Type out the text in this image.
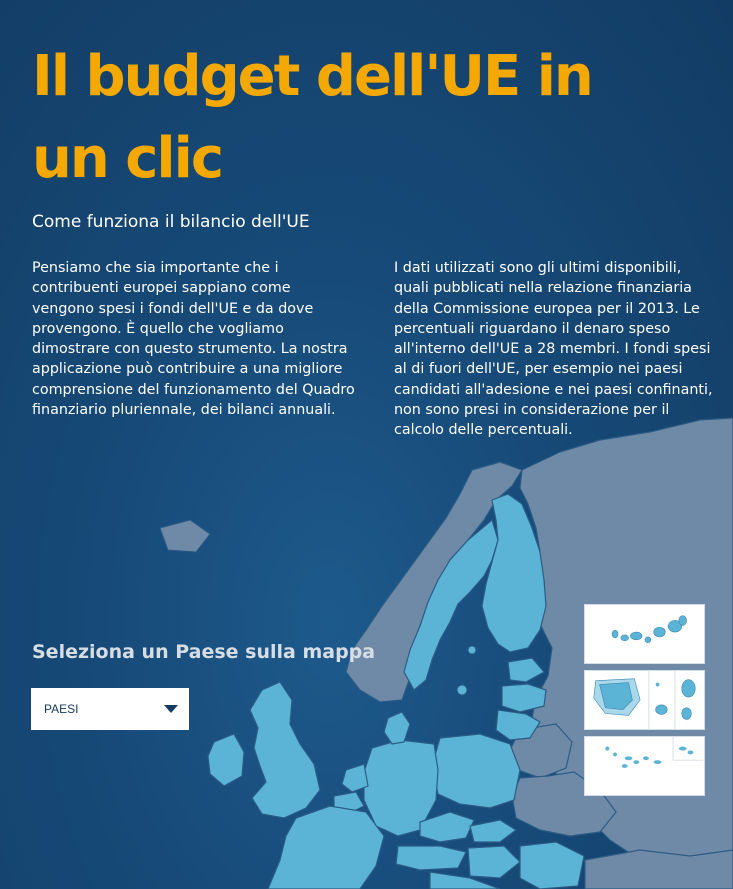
Il budget dell'UE in un clic
Come funziona il bilancio dell'UE

Pensiamo che sia importante che i contribuenti europei sappiano come vengono spesi i fondi dell'UE e da dove provengono. È quello che vogliamo dimostrare con questo strumento. La nostra applicazione può contribuire a una migliore comprensione del funzionamento del Quadro finanziario pluriennale, dei bilanci annuali.

I dati utilizzati sono gli ultimi disponibili, quali pubblicati nella relazione finanziaria della Commissione europea per il 2013. Le percentuali riguardano il denaro speso all'interno dell'UE a 28 membri. I fondi spesi al di fuori dell'UE, per esempio nei paesi candidati all'adesione e nei paesi confinanti, non sono presi in considerazione per il calcolo delle percentuali.

Seleziona un Paese sulla mappa
PAESI
